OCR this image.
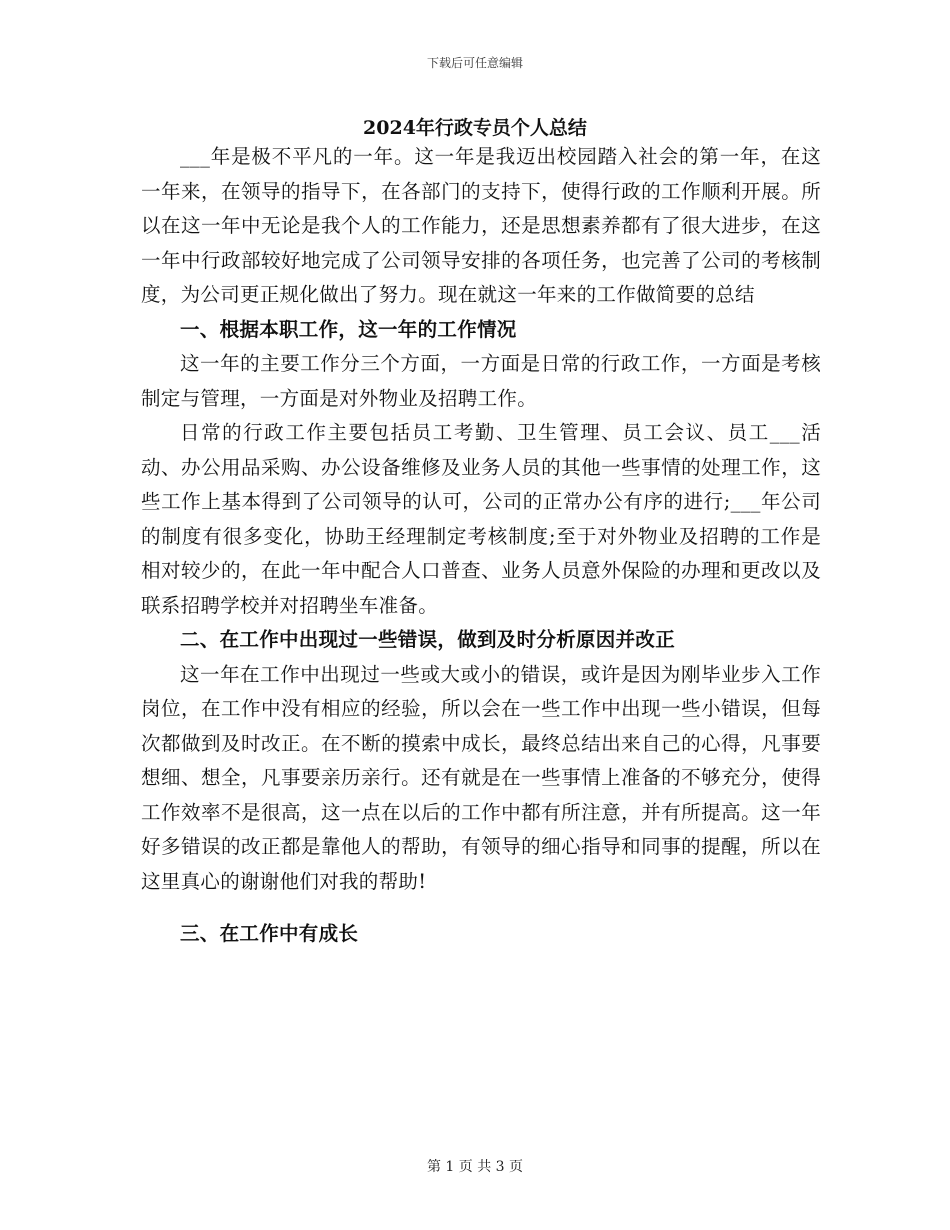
下载后可任意编辑
2024年行政专员个人总结

___年是极不平凡的一年。这一年是我迈出校园踏入社会的第一年，在这一年来，在领导的指导下，在各部门的支持下，使得行政的工作顺利开展。所以在这一年中无论是我个人的工作能力，还是思想素养都有了很大进步，在这一年中行政部较好地完成了公司领导安排的各项任务，也完善了公司的考核制度，为公司更正规化做出了努力。现在就这一年来的工作做简要的总结

一、根据本职工作，这一年的工作情况

这一年的主要工作分三个方面，一方面是日常的行政工作，一方面是考核制定与管理，一方面是对外物业及招聘工作。

日常的行政工作主要包括员工考勤、卫生管理、员工会议、员工___活动、办公用品采购、办公设备维修及业务人员的其他一些事情的处理工作，这些工作上基本得到了公司领导的认可，公司的正常办公有序的进行;___年公司的制度有很多变化，协助王经理制定考核制度;至于对外物业及招聘的工作是相对较少的，在此一年中配合人口普查、业务人员意外保险的办理和更改以及联系招聘学校并对招聘坐车准备。

二、在工作中出现过一些错误，做到及时分析原因并改正

这一年在工作中出现过一些或大或小的错误，或许是因为刚毕业步入工作岗位，在工作中没有相应的经验，所以会在一些工作中出现一些小错误，但每次都做到及时改正。在不断的摸索中成长，最终总结出来自己的心得，凡事要想细、想全，凡事要亲历亲行。还有就是在一些事情上准备的不够充分，使得工作效率不是很高，这一点在以后的工作中都有所注意，并有所提高。这一年好多错误的改正都是靠他人的帮助，有领导的细心指导和同事的提醒，所以在这里真心的谢谢他们对我的帮助!

三、在工作中有成长
第 1 页 共 3 页
